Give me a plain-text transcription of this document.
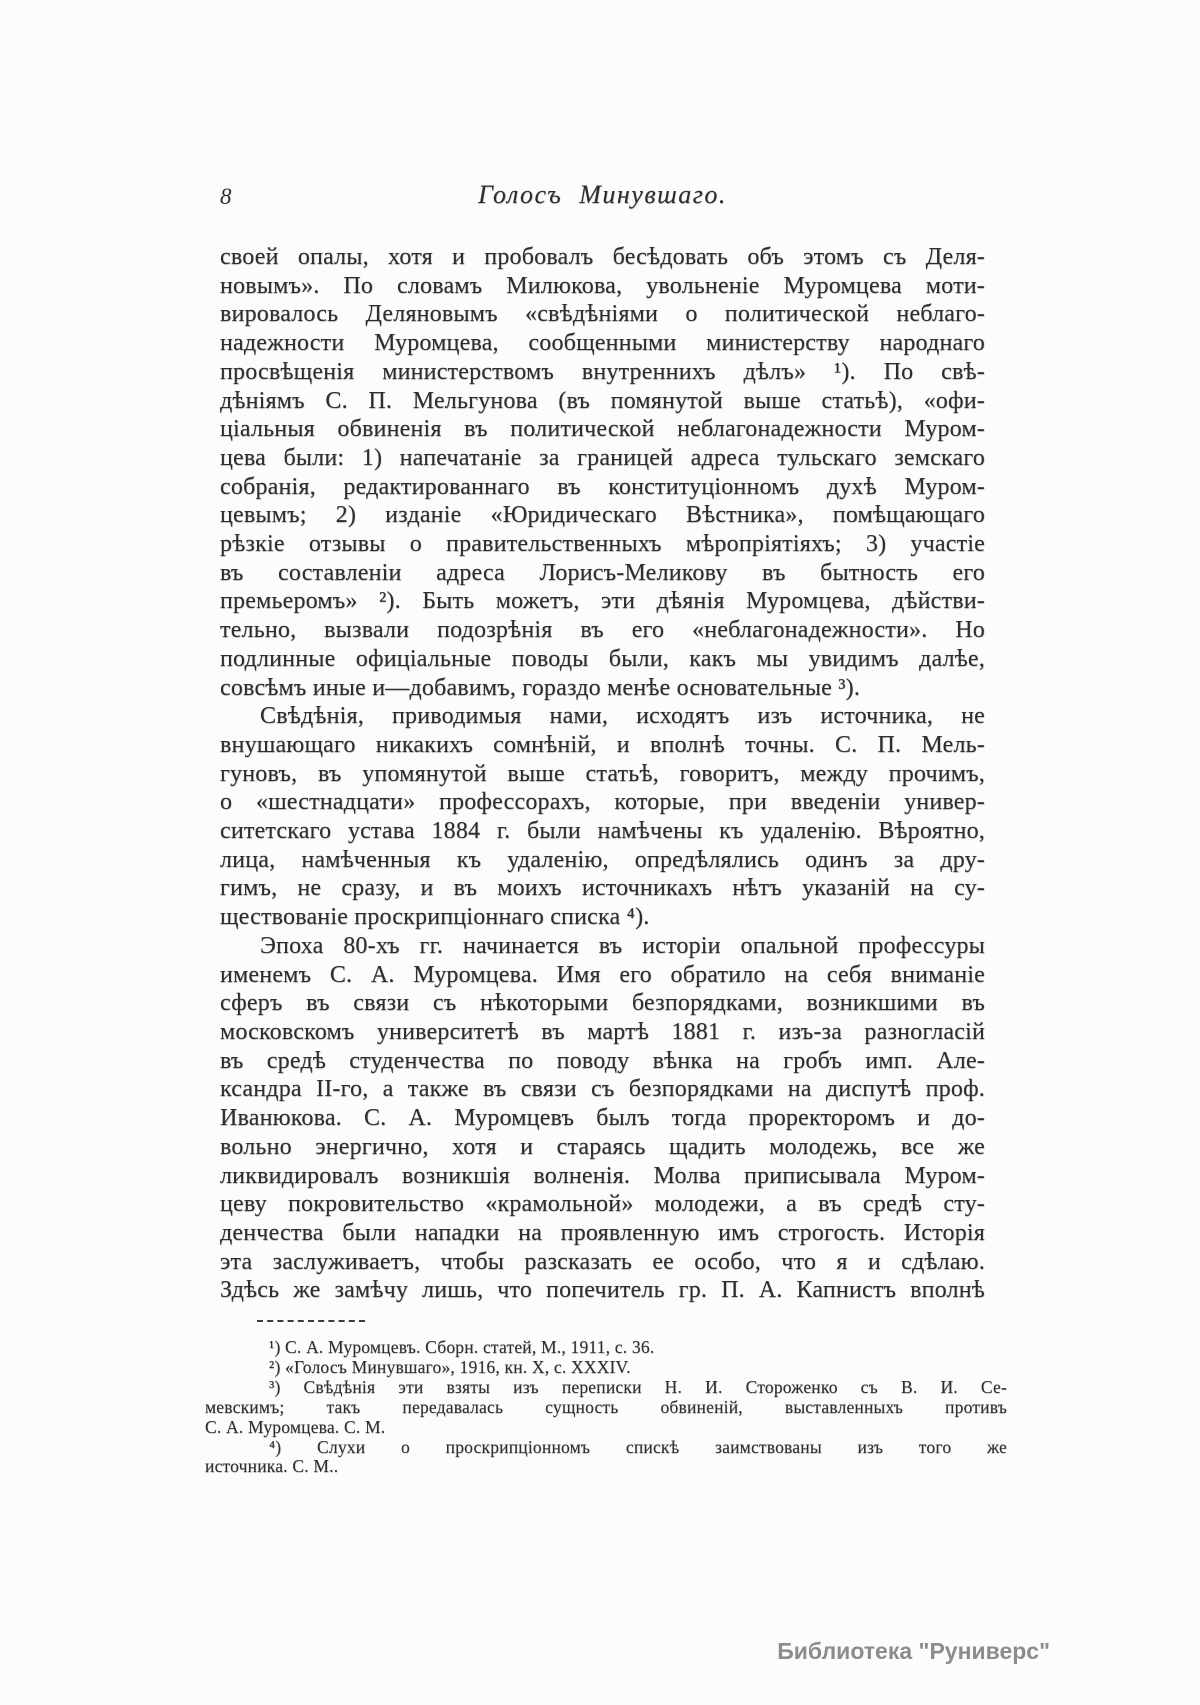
8	Голосъ Минувшаго.
своей опалы, хотя и пробовалъ бесѣдовать объ этомъ съ Деля-
новымъ». По словамъ Милюкова, увольненіе Муромцева моти-
вировалось Деляновымъ «свѣдѣніями о политической неблаго-
надежности Муромцева, сообщенными министерству народнаго
просвѣщенія министерствомъ внутреннихъ дѣлъ» ¹). По свѣ-
дѣніямъ С. П. Мельгунова (въ помянутой выше статьѣ), «офи-
ціальныя обвиненія въ политической неблагонадежности Муром-
цева были: 1) напечатаніе за границей адреса тульскаго земскаго
собранія, редактированнаго въ конституціонномъ духѣ Муром-
цевымъ; 2) изданіе «Юридическаго Вѣстника», помѣщающаго
рѣзкіе отзывы о правительственныхъ мѣропріятіяхъ; 3) участіе
въ составленіи адреса Лорисъ-Меликову въ бытность его
премьеромъ» ²). Быть можетъ, эти дѣянія Муромцева, дѣйстви-
тельно, вызвали подозрѣнія въ его «неблагонадежности». Но
подлинные офиціальные поводы были, какъ мы увидимъ далѣе,
совсѣмъ иные и—добавимъ, гораздо менѣе основательные ³).
Свѣдѣнія, приводимыя нами, исходятъ изъ источника, не
внушающаго никакихъ сомнѣній, и вполнѣ точны. С. П. Мель-
гуновъ, въ упомянутой выше статьѣ, говоритъ, между прочимъ,
о «шестнадцати» профессорахъ, которые, при введеніи универ-
ситетскаго устава 1884 г. были намѣчены къ удаленію. Вѣроятно,
лица, намѣченныя къ удаленію, опредѣлялись одинъ за дру-
гимъ, не сразу, и въ моихъ источникахъ нѣтъ указаній на су-
ществованіе проскрипціоннаго списка ⁴).
Эпоха 80-хъ гг. начинается въ исторіи опальной профессуры
именемъ С. А. Муромцева. Имя его обратило на себя вниманіе
сферъ въ связи съ нѣкоторыми безпорядками, возникшими въ
московскомъ университетѣ въ мартѣ 1881 г. изъ-за разногласій
въ средѣ студенчества по поводу вѣнка на гробъ имп. Але-
ксандра II-го, а также въ связи съ безпорядками на диспутѣ проф.
Иванюкова. С. А. Муромцевъ былъ тогда проректоромъ и до-
вольно энергично, хотя и стараясь щадить молодежь, все же
ликвидировалъ возникшія волненія. Молва приписывала Муром-
цеву покровительство «крамольной» молодежи, а въ средѣ сту-
денчества были нападки на проявленную имъ строгость. Исторія
эта заслуживаетъ, чтобы разсказать ее особо, что я и сдѣлаю.
Здѣсь же замѣчу лишь, что попечитель гр. П. А. Капнистъ вполнѣ
¹) С. А. Муромцевъ. Сборн. статей, М., 1911, с. 36.
²) «Голосъ Минувшаго», 1916, кн. X, с. XXXIV.
³) Свѣдѣнія эти взяты изъ переписки Н. И. Стороженко съ В. И. Се-
мевскимъ; такъ передавалась сущность обвиненій, выставленныхъ противъ
С. А. Муромцева. С. М.
⁴) Слухи о проскрипціонномъ спискѣ заимствованы изъ того же
источника. С. М..
Библиотека "Руниверс"
